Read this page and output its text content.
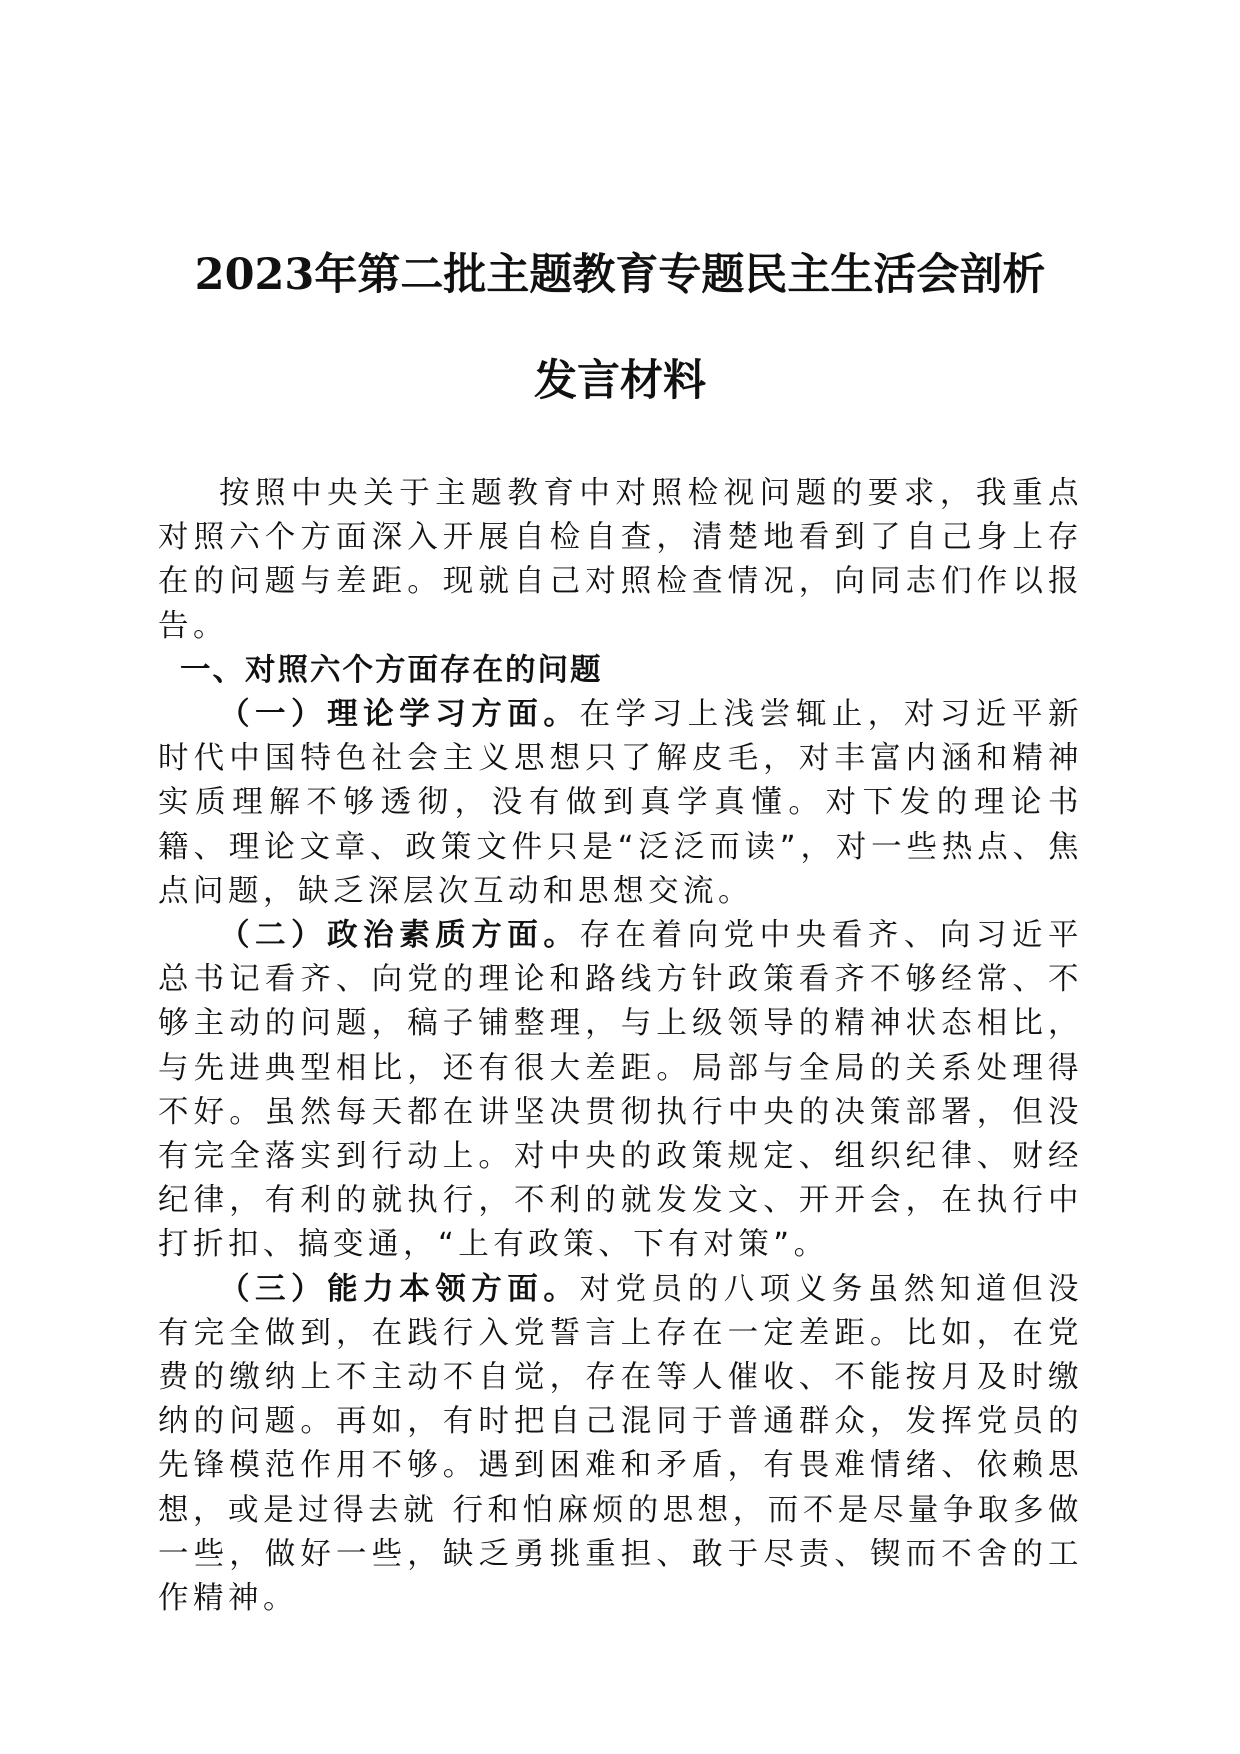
2023年第二批主题教育专题民主生活会剖析
发言材料

按照中央关于主题教育中对照检视问题的要求，我重点对照六个方面深入开展自检自查，清楚地看到了自己身上存在的问题与差距。现就自己对照检查情况，向同志们作以报告。

一、对照六个方面存在的问题

（一）理论学习方面。在学习上浅尝辄止，对习近平新时代中国特色社会主义思想只了解皮毛，对丰富内涵和精神实质理解不够透彻，没有做到真学真懂。对下发的理论书籍、理论文章、政策文件只是“泛泛而读”，对一些热点、焦点问题，缺乏深层次互动和思想交流。

（二）政治素质方面。存在着向党中央看齐、向习近平总书记看齐、向党的理论和路线方针政策看齐不够经常、不够主动的问题，稿子铺整理，与上级领导的精神状态相比，与先进典型相比，还有很大差距。局部与全局的关系处理得不好。虽然每天都在讲坚决贯彻执行中央的决策部署，但没有完全落实到行动上。对中央的政策规定、组织纪律、财经纪律，有利的就执行，不利的就发发文、开开会，在执行中打折扣、搞变通，“上有政策、下有对策”。

（三）能力本领方面。对党员的八项义务虽然知道但没有完全做到，在践行入党誓言上存在一定差距。比如，在党费的缴纳上不主动不自觉，存在等人催收、不能按月及时缴纳的问题。再如，有时把自己混同于普通群众，发挥党员的先锋模范作用不够。遇到困难和矛盾，有畏难情绪、依赖思想，或是过得去就 行和怕麻烦的思想，而不是尽量争取多做一些，做好一些，缺乏勇挑重担、敢于尽责、锲而不舍的工作精神。
